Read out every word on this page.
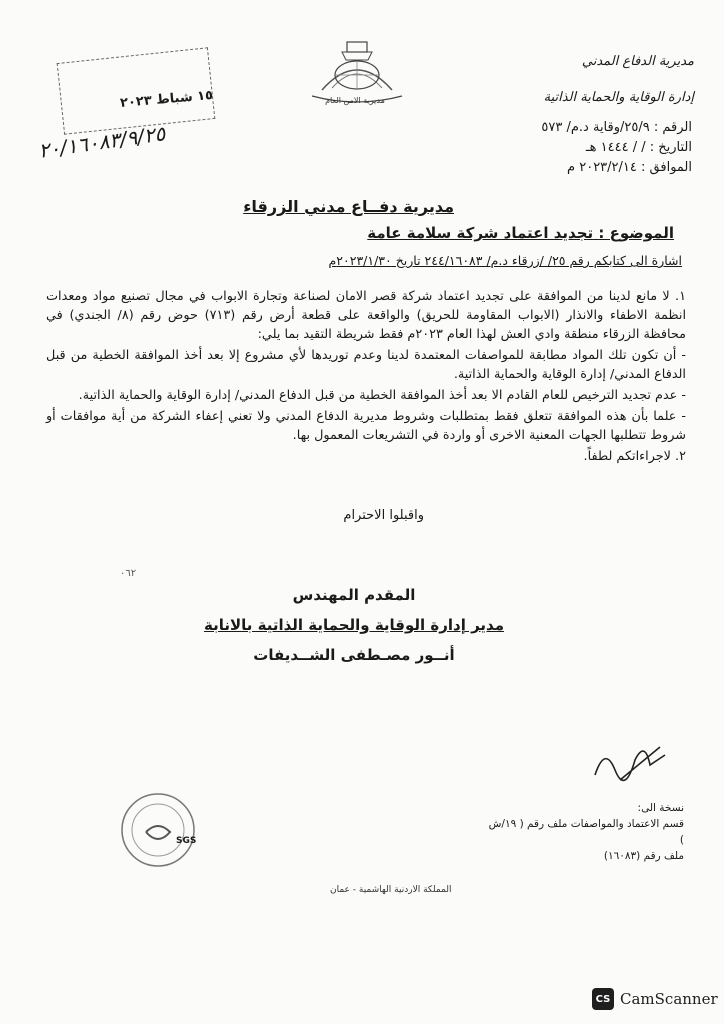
مديرية الدفاع المدني
إدارة الوقاية والحماية الذاتية
مديرية الامن العام
١٥ شباط ٢٠٢٣
٢٠/١٦٠٨٣/٩/٢٥	الرقم : ٢٥/٩/وقاية د.م/ ٥٧٣
التاريخ : / / ١٤٤٤ هـ
الموافق : ٢٠٢٣/٢/١٤ م
مديرية دفــاع مدني الزرقاء
الموضوع : تجديد اعتماد شركة سلامة عامة
اشارة الى كتابكم رقم ٢٥/ /زرقاء د.م/ ٢٤٤/١٦٠٨٣ تاريخ ٢٠٢٣/١/٣٠م

١. لا مانع لدينا من الموافقة على تجديد اعتماد شركة قصر الامان لصناعة وتجارة الابواب في مجال تصنيع مواد ومعدات انظمة الاطفاء والانذار (الابواب المقاومة للحريق) والواقعة على قطعة أرض رقم (٧١٣) حوض رقم (٨/ الجندي) في محافظة الزرقاء منطقة وادي العش لهذا العام ٢٠٢٣م فقط شريطة التقيد بما يلي:

- أن تكون تلك المواد مطابقة للمواصفات المعتمدة لدينا وعدم توريدها لأي مشروع إلا بعد أخذ الموافقة الخطية من قبل الدفاع المدني/ إدارة الوقاية والحماية الذاتية.

- عدم تجديد الترخيص للعام القادم الا بعد أخذ الموافقة الخطية من قبل الدفاع المدني/ إدارة الوقاية والحماية الذاتية.

- علما بأن هذه الموافقة تتعلق فقط بمتطلبات وشروط مديرية الدفاع المدني ولا تعني إعفاء الشركة من أية موافقات أو شروط تتطلبها الجهات المعنية الاخرى أو واردة في التشريعات المعمول بها.

٢. لاجراءاتكم لطفاً.

واقبلوا الاحترام
٠٦٢
المقدم المهندس
مدير إدارة الوقاية والحماية الذاتية بالانابة
أنــور مصـطفى الشــديفات
نسخة الى:
قسم الاعتماد والمواصفات ملف رقم ( ١٩/ش )
ملف رقم (١٦٠٨٣)
SGS
المملكة الاردنية الهاشمية - عمان
CS CamScanner
